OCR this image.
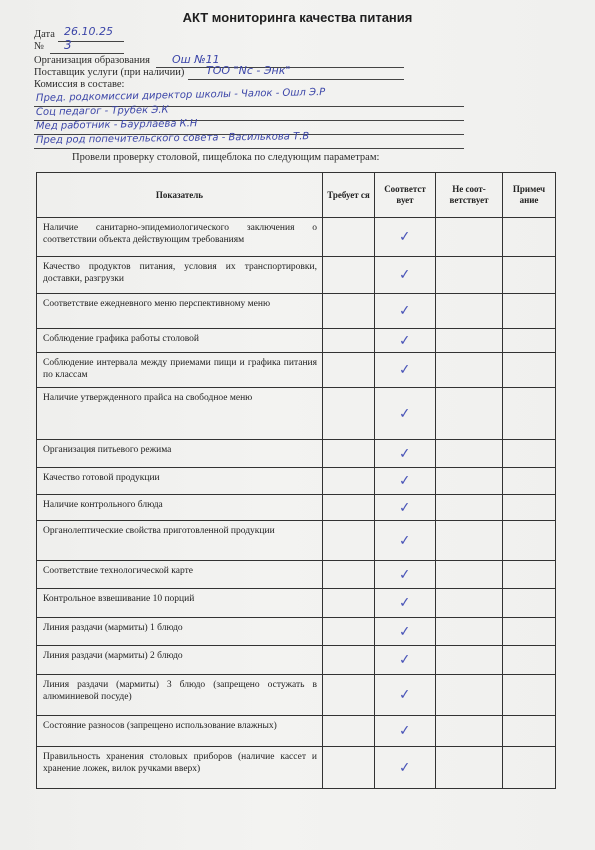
АКТ мониторинга качества питания
Дата 26.10.25
№ 3
Организация образования Ош №11
Поставщик услуги (при наличии) ТОО "Nс - Энк"
Комиссия в составе:
Пред. родкомиссии директор школы - Чалок - Ошл Э.Р
Соц педагог - Трубек Э.К
Мед работник - Баурлаева К.Н
Пред род попечительского совета - Василькова Т.В
Провели проверку столовой, пищеблока по следующим параметрам:
Показатель	Требует ся	Соответст вует	Не соот- ветствует	Примеч ание
Наличие санитарно-эпидемиологического заключения о соответствии объекта действующим требованиям		✓		
Качество продуктов питания, условия их транспортировки, доставки, разгрузки		✓		
Соответствие ежедневного меню перспективному меню		✓		
Соблюдение графика работы столовой		✓		
Соблюдение интервала между приемами пищи и графика питания по классам		✓		
Наличие утвержденного прайса на свободное меню		✓		
Организация питьевого режима		✓		
Качество готовой продукции		✓		
Наличие контрольного блюда		✓		
Органолептические свойства приготовленной продукции		✓		
Соответствие технологической карте		✓		
Контрольное взвешивание 10 порций		✓		
Линия раздачи (мармиты) 1 блюдо		✓		
Линия раздачи (мармиты) 2 блюдо		✓		
Линия раздачи (мармиты) 3 блюдо (запрещено остужать в алюминиевой посуде)		✓		
Состояние разносов (запрещено использование влажных)		✓		
Правильность хранения столовых приборов (наличие кассет и хранение ложек, вилок ручками вверх)		✓		
